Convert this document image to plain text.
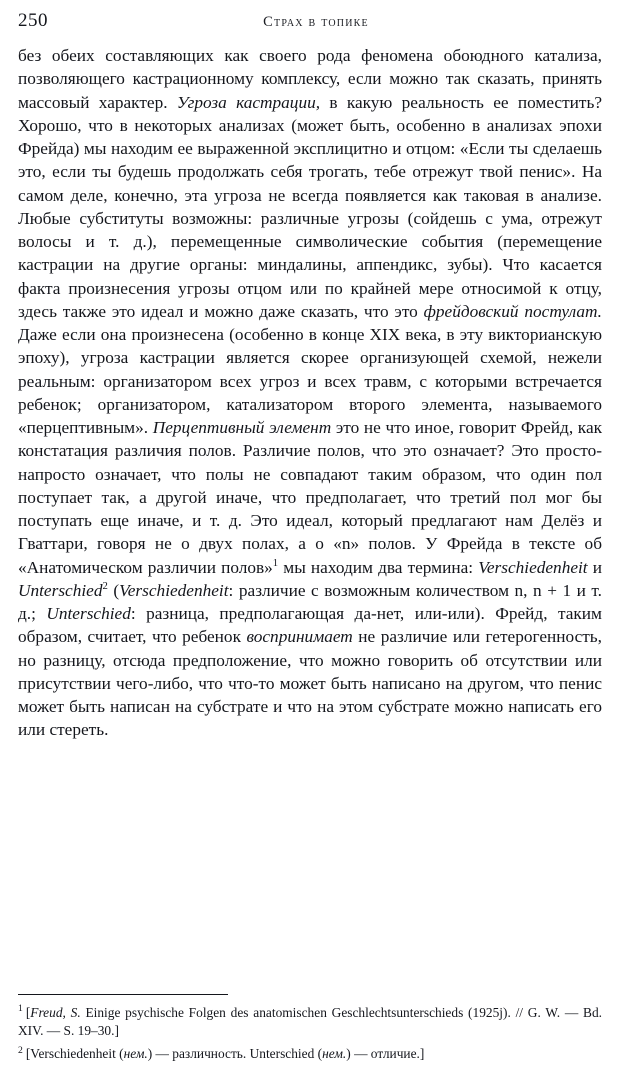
250	Страх в топике

без обеих составляющих как своего рода феномена обоюдного катализа, позволяющего кастрационному комплексу, если можно так сказать, принять массовый характер. Угроза кастрации, в какую реальность ее поместить? Хорошо, что в некоторых анализах (может быть, особенно в анализах эпохи Фрейда) мы находим ее выраженной эксплицитно и отцом: «Если ты сделаешь это, если ты будешь продолжать себя трогать, тебе отрежут твой пенис». На самом деле, конечно, эта угроза не всегда появляется как таковая в анализе. Любые субституты возможны: различные угрозы (сойдешь с ума, отрежут волосы и т. д.), перемещенные символические события (перемещение кастрации на другие органы: миндалины, аппендикс, зубы). Что касается факта произнесения угрозы отцом или по крайней мере относимой к отцу, здесь также это идеал и можно даже сказать, что это фрейдовский постулат. Даже если она произнесена (особенно в конце XIX века, в эту викторианскую эпоху), угроза кастрации является скорее организующей схемой, нежели реальным: организатором всех угроз и всех травм, с которыми встречается ребенок; организатором, катализатором второго элемента, называемого «перцептивным». Перцептивный элемент это не что иное, говорит Фрейд, как констатация различия полов. Различие полов, что это означает? Это просто-напросто означает, что полы не совпадают таким образом, что один пол поступает так, а другой иначе, что предполагает, что третий пол мог бы поступать еще иначе, и т. д. Это идеал, который предлагают нам Делёз и Гваттари, говоря не о двух полах, а о «n» полов. У Фрейда в тексте об «Анатомическом различии полов»$^1$ мы находим два термина: Verschiedenheit и Unterschied$^2$ (Verschiedenheit: различие с возможным количеством n, n + 1 и т. д.; Unterschied: разница, предполагающая да-нет, или-или). Фрейд, таким образом, считает, что ребенок воспринимает не различие или гетерогенность, но разницу, отсюда предположение, что можно говорить об отсутствии или присутствии чего-либо, что что-то может быть написано на другом, что пенис может быть написан на субстрате и что на этом субстрате можно написать его или стереть.

$^1$ [Freud, S. Einige psychische Folgen des anatomischen Geschlechtsunterschieds (1925j). // G. W. — Bd. XIV. — S. 19–30.]
$^2$ [Verschiedenheit (нем.) — различность. Unterschied (нем.) — отличие.]
